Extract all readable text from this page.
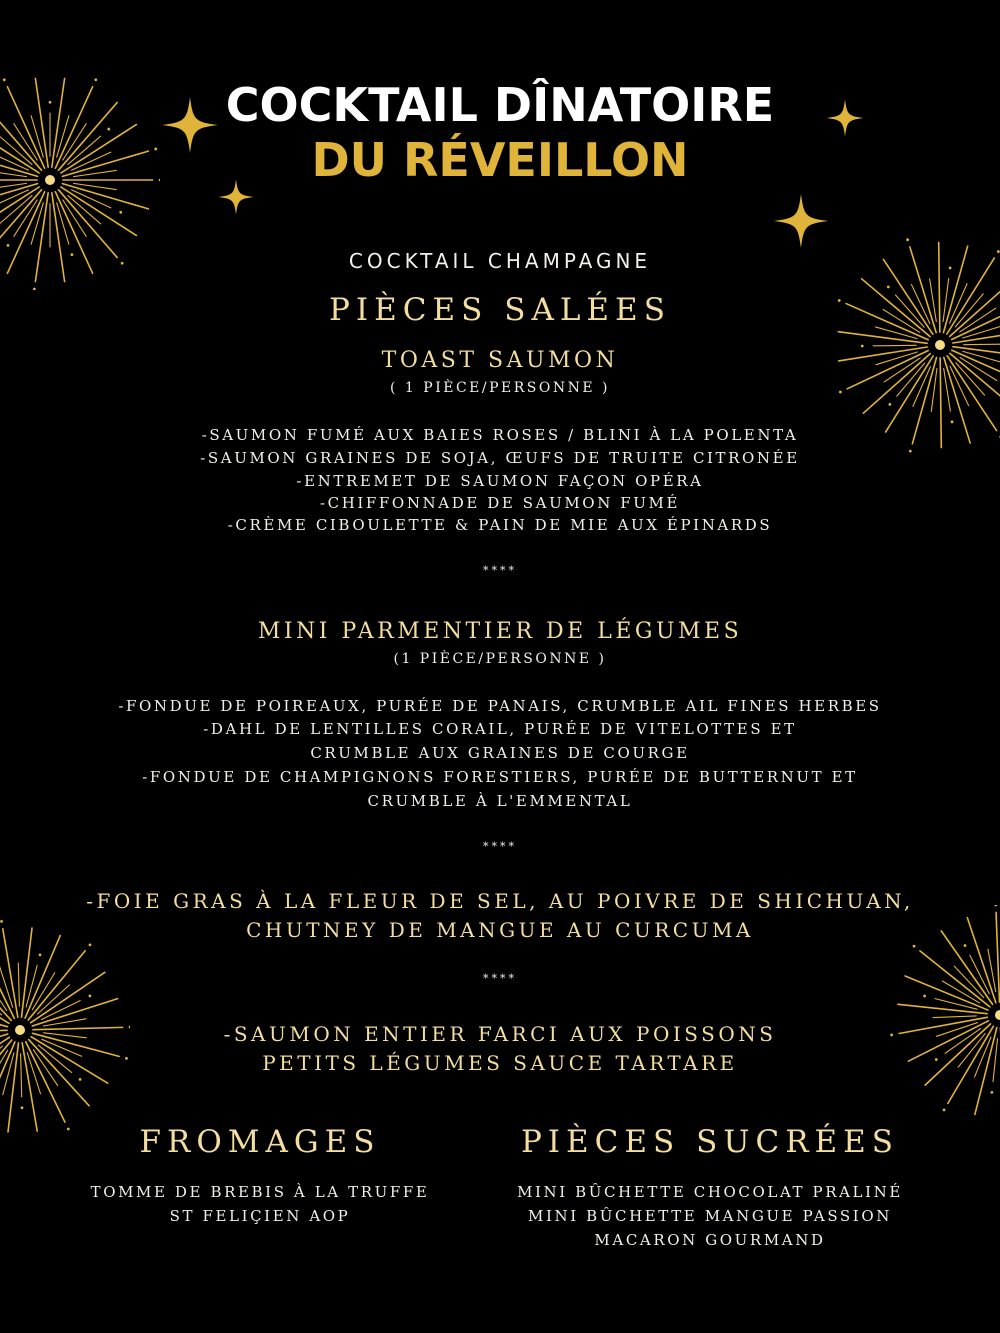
COCKTAIL DÎNATOIRE
DU RÉVEILLON
COCKTAIL CHAMPAGNE
PIÈCES SALÉES
TOAST SAUMON
( 1 PIÈCE/PERSONNE )
-SAUMON FUMÉ AUX BAIES ROSES / BLINI À LA POLENTA
-SAUMON GRAINES DE SOJA, ŒUFS DE TRUITE CITRONÉE
-ENTREMET DE SAUMON FAÇON OPÉRA
-CHIFFONNADE DE SAUMON FUMÉ
-CRÈME CIBOULETTE & PAIN DE MIE AUX ÉPINARDS
****
MINI PARMENTIER DE LÉGUMES
(1 PIÈCE/PERSONNE )
-FONDUE DE POIREAUX, PURÉE DE PANAIS, CRUMBLE AIL FINES HERBES
-DAHL DE LENTILLES CORAIL, PURÉE DE VITELOTTES ET
CRUMBLE AUX GRAINES DE COURGE
-FONDUE DE CHAMPIGNONS FORESTIERS, PURÉE DE BUTTERNUT ET
CRUMBLE À L'EMMENTAL
****
-FOIE GRAS À LA FLEUR DE SEL, AU POIVRE DE SHICHUAN,
CHUTNEY DE MANGUE AU CURCUMA
****
-SAUMON ENTIER FARCI AUX POISSONS
PETITS LÉGUMES SAUCE TARTARE
FROMAGES
TOMME DE BREBIS À LA TRUFFE
ST FELIÇIEN AOP
PIÈCES SUCRÉES
MINI BÛCHETTE CHOCOLAT PRALINÉ
MINI BÛCHETTE MANGUE PASSION
MACARON GOURMAND
